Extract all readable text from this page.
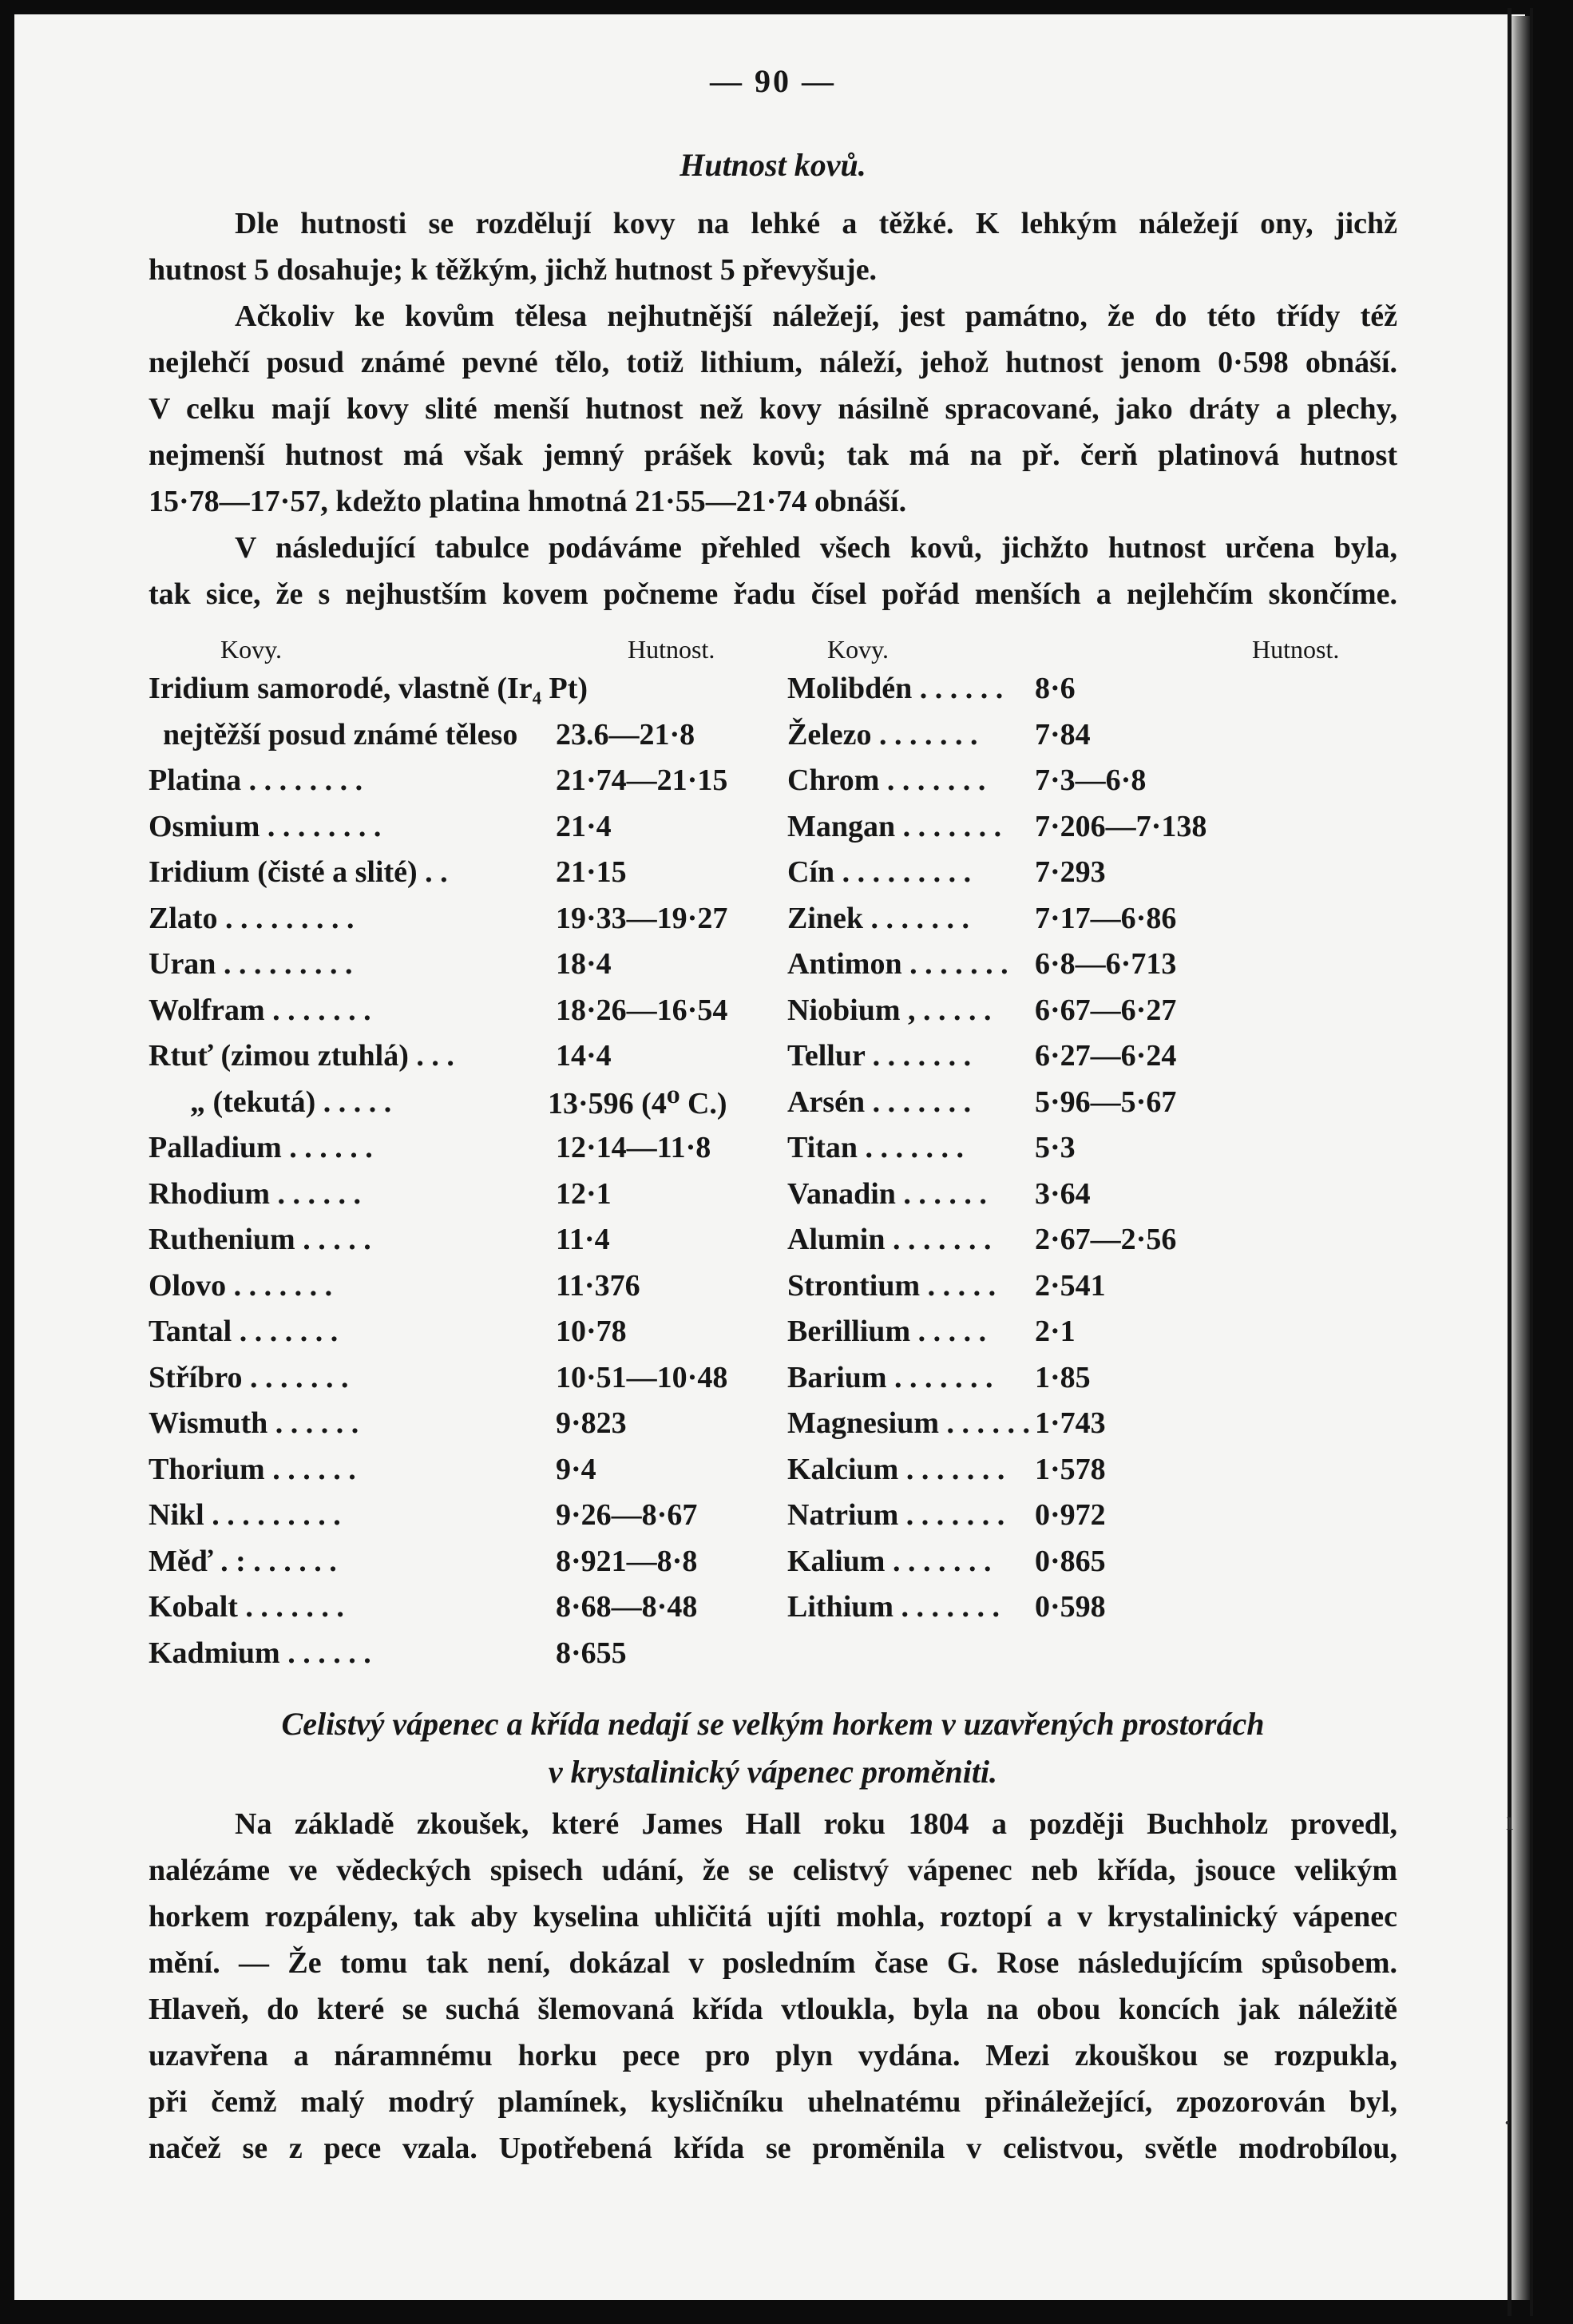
— 90 —
Hutnost kovů.
Dle hutnosti se rozdělují kovy na lehké a těžké. K lehkým náležejí ony, jichž
hutnost 5 dosahuje; k těžkým, jichž hutnost 5 převyšuje.
Ačkoliv ke kovům tělesa nejhutnější náležejí, jest památno, že do této třídy též
nejlehčí posud známé pevné tělo, totiž lithium, náleží, jehož hutnost jenom 0·598 obnáší.
V celku mají kovy slité menší hutnost než kovy násilně spracované, jako dráty a plechy,
nejmenší hutnost má však jemný prášek kovů; tak má na př. čerň platinová hutnost
15·78—17·57, kdežto platina hmotná 21·55—21·74 obnáší.
V následující tabulce podáváme přehled všech kovů, jichžto hutnost určena byla,
tak sice, že s nejhustším kovem počneme řadu čísel pořád menších a nejlehčím skončíme.
Kovy.	Hutnost.	Kovy.	Hutnost.
Iridium samorodé, vlastně (Ir₄ Pt)
nejtěžší posud známé těleso 23.6—21·8
Platina . . . . . . . .	21·74—21·15
Osmium . . . . . . . .	21·4
Iridium (čisté a slité) . .	21·15
Zlato . . . . . . . . .	19·33—19·27
Uran . . . . . . . . .	18·4
Wolfram . . . . . . .	18·26—16·54
Rtuť (zimou ztuhlá) . . .	14·4
„ (tekutá) . . . . .	13·596 (4⁰ C.)
Palladium . . . . . .	12·14—11·8
Rhodium . . . . . .	12·1
Ruthenium . . . . .	11·4
Olovo . . . . . . .	11·376
Tantal . . . . . . .	10·78
Stříbro . . . . . . .	10·51—10·48
Wismuth . . . . . .	9·823
Thorium . . . . . .	9·4
Nikl . . . . . . . . .	9·26—8·67
Měď . : . . . . . .	8·921—8·8
Kobalt . . . . . . .	8·68—8·48
Kadmium . . . . . .	8·655
Molibdén . . . . . . 8·6
Železo . . . . . . . 7·84
Chrom . . . . . . . 7·3—6·8
Mangan . . . . . . . 7·206—7·138
Cín . . . . . . . . . 7·293
Zinek . . . . . . . 7·17—6·86
Antimon . . . . . . . 6·8—6·713
Niobium , . . . . . 6·67—6·27
Tellur . . . . . . . 6·27—6·24
Arsén . . . . . . . 5·96—5·67
Titan . . . . . . . 5·3
Vanadin . . . . . . 3·64
Alumin . . . . . . . 2·67—2·56
Strontium . . . . . 2·541
Berillium . . . . . 2·1
Barium . . . . . . . 1·85
Magnesium . . . . . . 1·743
Kalcium . . . . . . . 1·578
Natrium . . . . . . . 0·972
Kalium . . . . . . . 0·865
Lithium . . . . . . . 0·598
Celistvý vápenec a křída nedají se velkým horkem v uzavřených prostorách
v krystalinický vápenec proměniti.
Na základě zkoušek, které James Hall roku 1804 a později Buchholz provedl,
nalézáme ve vědeckých spisech udání, že se celistvý vápenec neb křída, jsouce velikým
horkem rozpáleny, tak aby kyselina uhličitá ujíti mohla, roztopí a v krystalinický vápenec
mění. — Že tomu tak není, dokázal v posledním čase G. Rose následujícím spůsobem.
Hlaveň, do které se suchá šlemovaná křída vtloukla, byla na obou koncích jak náležitě
uzavřena a náramnému horku pece pro plyn vydána. Mezi zkouškou se rozpukla,
při čemž malý modrý plamínek, kysličníku uhelnatému přináležející, zpozorován byl,
načež se z pece vzala. Upotřebená křída se proměnila v celistvou, světle modrobílou,
ı
·
